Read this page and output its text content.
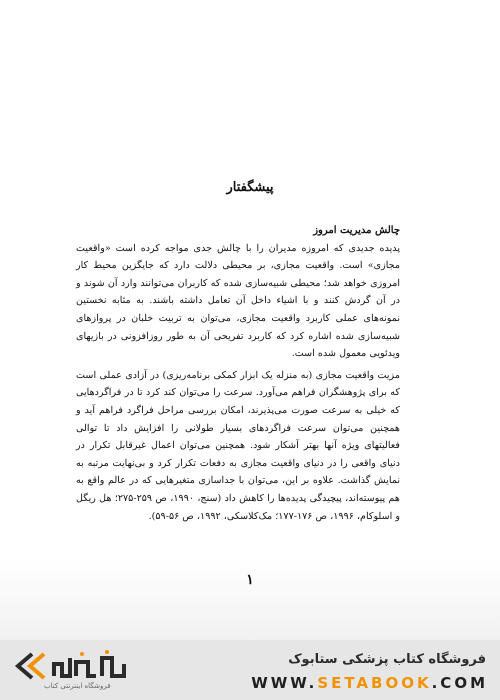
پیشگفتار

چالش مدیریت امروز

پدیده جدیدی که امروزه مدیران را با چالش جدی مواجه کرده است «واقعیت مجازی» است. واقعیت مجازی، بر محیطی دلالت دارد که جایگزین محیط کار امروزی خواهد شد؛ محیطی شبیه‌سازی شده که کاربران می‌توانند وارد آن شوند و در آن گردش کنند و با اشیاء داخل آن تعامل داشته باشند. به مثابه نخستین نمونه‌های عملی کاربرد واقعیت مجازی، می‌توان به تربیت خلبان در پروازهای شبیه‌سازی شده اشاره کرد که کاربرد تفریحی آن به طور روزافزونی در بازیهای ویدئویی معمول شده است.

مزیت واقعیت مجازی (به منزله یک ابزار کمکی برنامه‌ریزی) در آزادی عملی است که برای پژوهشگران فراهم می‌آورد. سرعت را می‌توان کند کرد تا در فراگردهایی که خیلی به سرعت صورت می‌پذیرند، امکان بررسی مراحل فراگرد فراهم آید و همچنین می‌توان سرعت فراگردهای بسیار طولانی را افزایش داد تا توالی فعالیتهای ویژه آنها بهتر آشکار شود. همچنین می‌توان اعمال غیرقابل تکرار در دنیای واقعی را در دنیای واقعیت مجازی به دفعات تکرار کرد و بی‌نهایت مرتبه به نمایش گذاشت. علاوه بر این، می‌توان با جداسازی متغیرهایی که در عالم واقع به هم پیوسته‌اند، پیچیدگی پدیده‌ها را کاهش داد (سنج، ۱۹۹۰، ص ۲۵۹-۲۷۵؛ هل ریگل و اسلوکام، ۱۹۹۶، ص ۱۷۶-۱۷۷؛ مک‌کلاسکی، ۱۹۹۲، ص ۵۶-۵۹).

۱
فروشگاه اینترنتی کتاب
فروشگاه کتاب پزشکی ستابوک
WWW.SETABOOK.COM
